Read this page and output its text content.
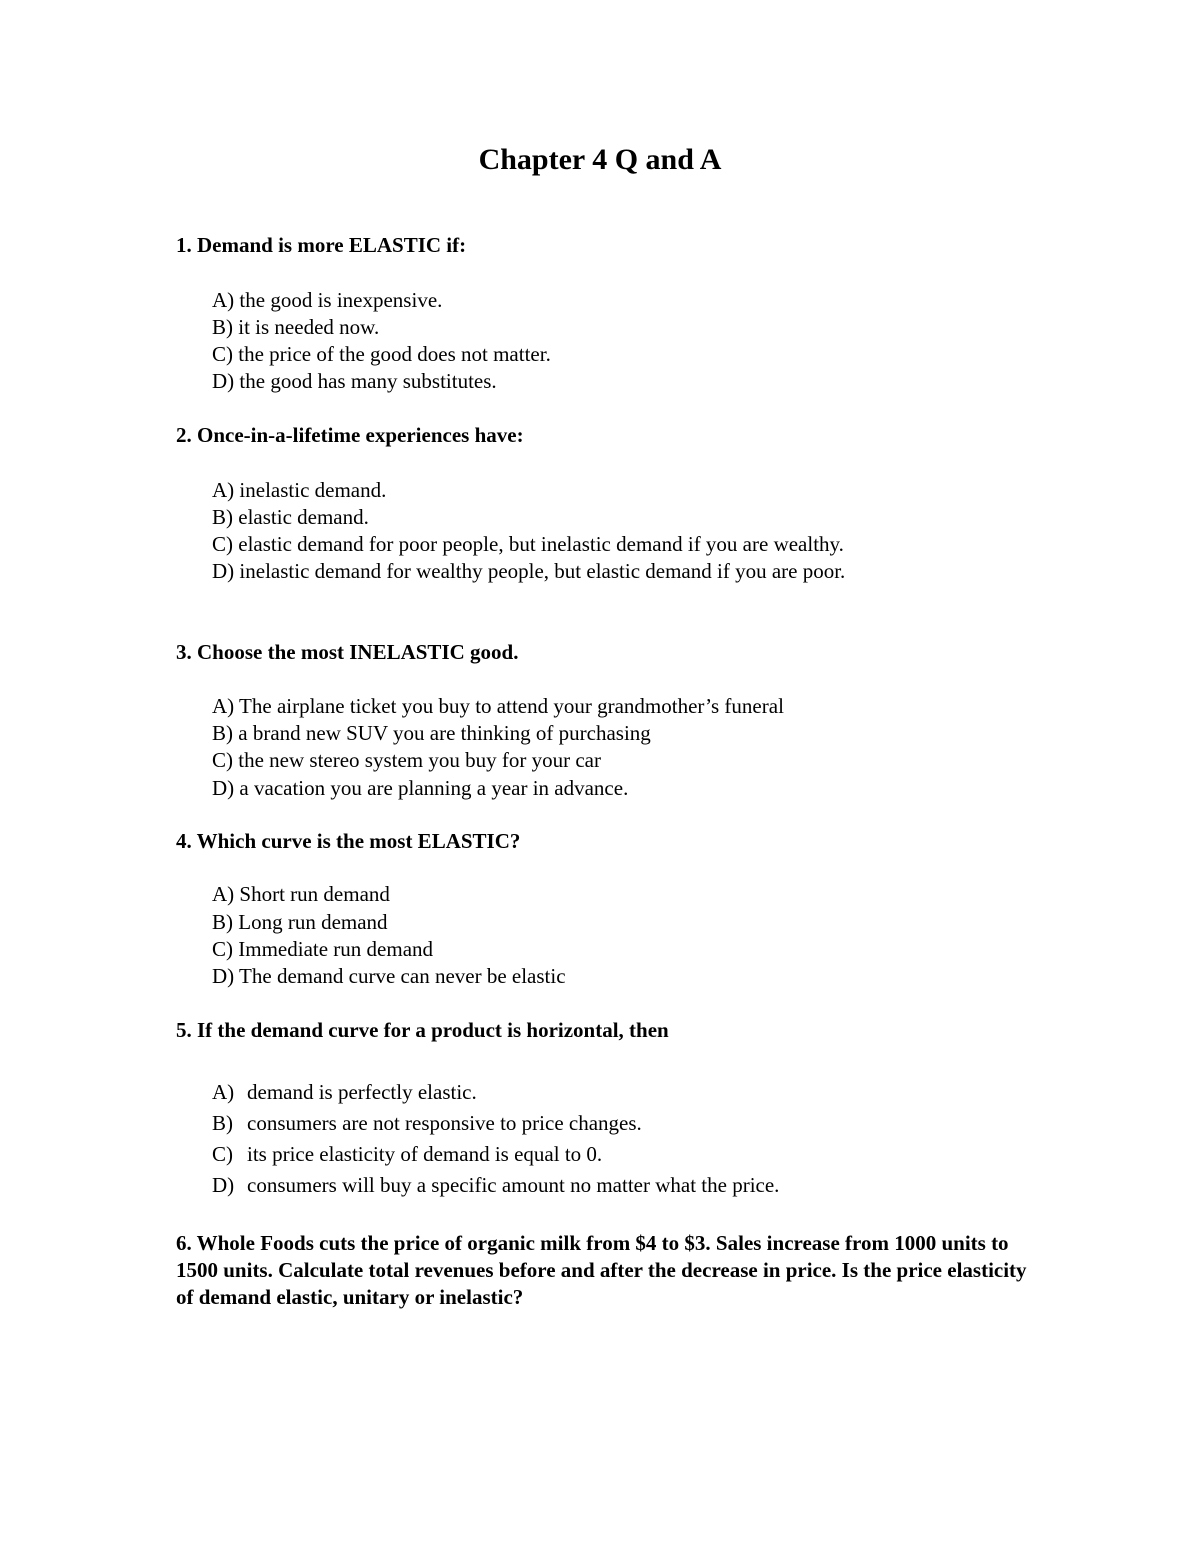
Chapter 4 Q and A

1. Demand is more ELASTIC if:

A) the good is inexpensive.

B) it is needed now.

C) the price of the good does not matter.

D) the good has many substitutes.

2. Once-in-a-lifetime experiences have:

A) inelastic demand.

B) elastic demand.

C) elastic demand for poor people, but inelastic demand if you are wealthy.

D) inelastic demand for wealthy people, but elastic demand if you are poor.

3. Choose the most INELASTIC good.

A) The airplane ticket you buy to attend your grandmother’s funeral

B) a brand new SUV you are thinking of purchasing

C) the new stereo system you buy for your car

D) a vacation you are planning a year in advance.

4. Which curve is the most ELASTIC?

A) Short run demand

B) Long run demand

C) Immediate run demand

D) The demand curve can never be elastic

5. If the demand curve for a product is horizontal, then

A) demand is perfectly elastic.

B) consumers are not responsive to price changes.

C) its price elasticity of demand is equal to 0.

D) consumers will buy a specific amount no matter what the price.

6. Whole Foods cuts the price of organic milk from $4 to $3. Sales increase from 1000 units to 1500 units. Calculate total revenues before and after the decrease in price. Is the price elasticity of demand elastic, unitary or inelastic?
